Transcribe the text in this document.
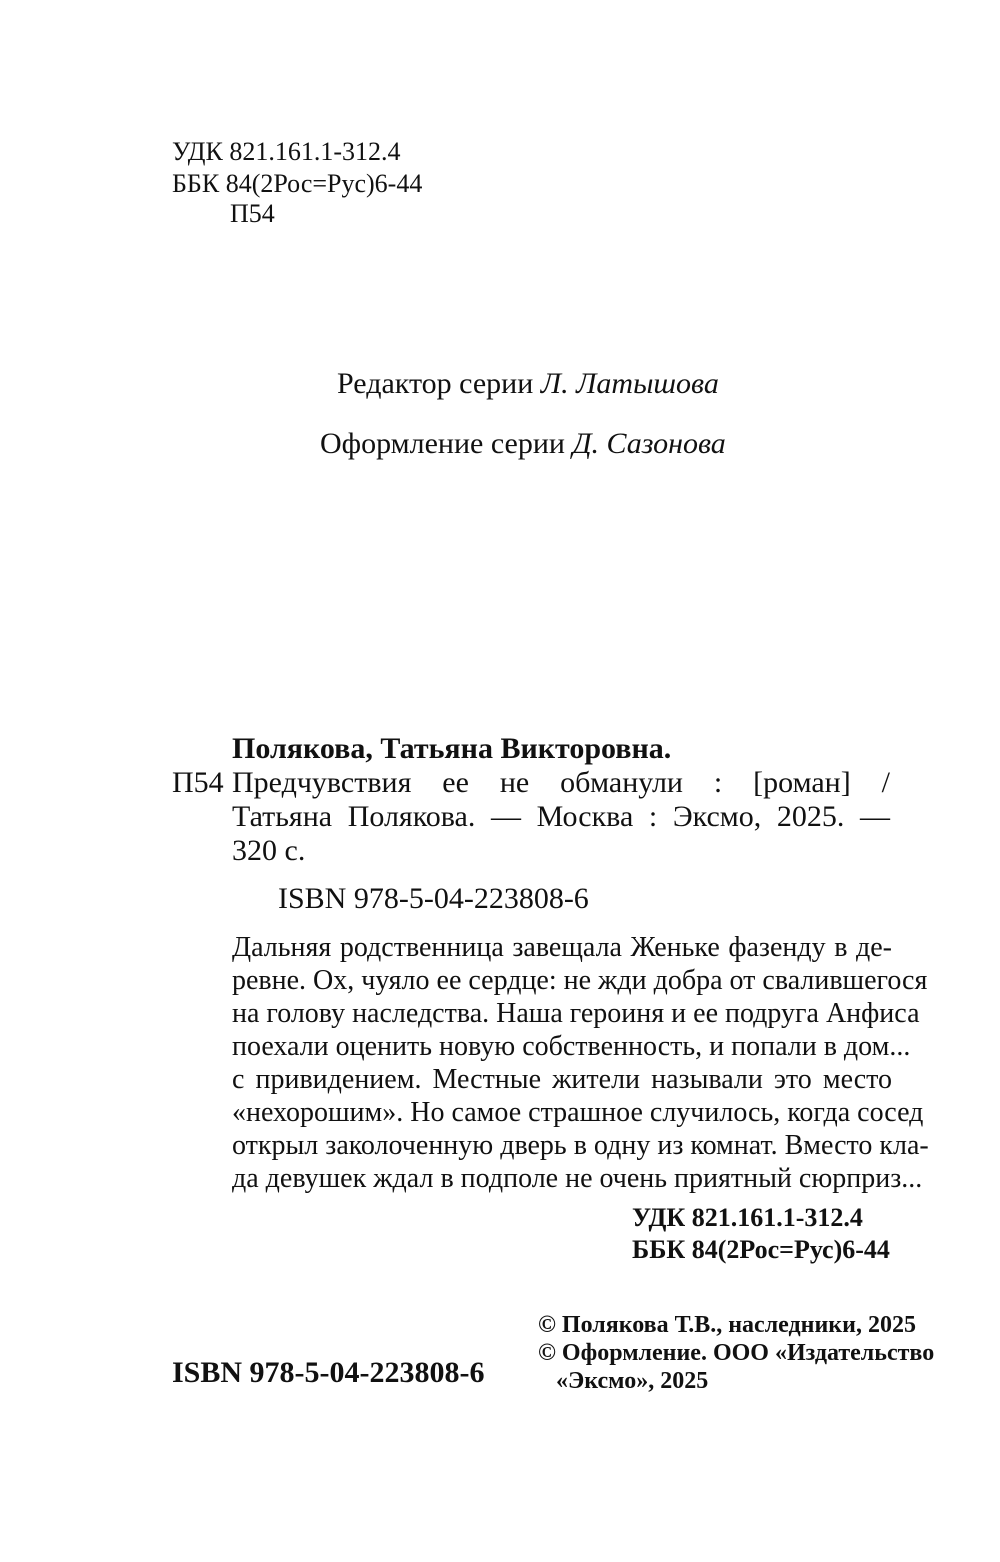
УДК 821.161.1-312.4
ББК 84(2Рос=Рус)6-44
П54
Редактор серии Л. Латышова
Оформление серии Д. Сазонова
Полякова, Татьяна Викторовна.
П54 Предчувствия ее не обманули : [роман] /
Татьяна Полякова. — Москва : Эксмо, 2025. —
320 с.
ISBN 978-5-04-223808-6
Дальняя родственница завещала Женьке фазенду в де-
ревне. Ох, чуяло ее сердце: не жди добра от свалившегося
на голову наследства. Наша героиня и ее подруга Анфиса
поехали оценить новую собственность, и попали в дом...
с привидением. Местные жители называли это место
«нехорошим». Но самое страшное случилось, когда сосед
открыл заколоченную дверь в одну из комнат. Вместо кла-
да девушек ждал в подполе не очень приятный сюрприз...
УДК 821.161.1-312.4
ББК 84(2Рос=Рус)6-44
© Полякова Т.В., наследники, 2025
© Оформление. ООО «Издательство
«Эксмо», 2025
ISBN 978-5-04-223808-6
